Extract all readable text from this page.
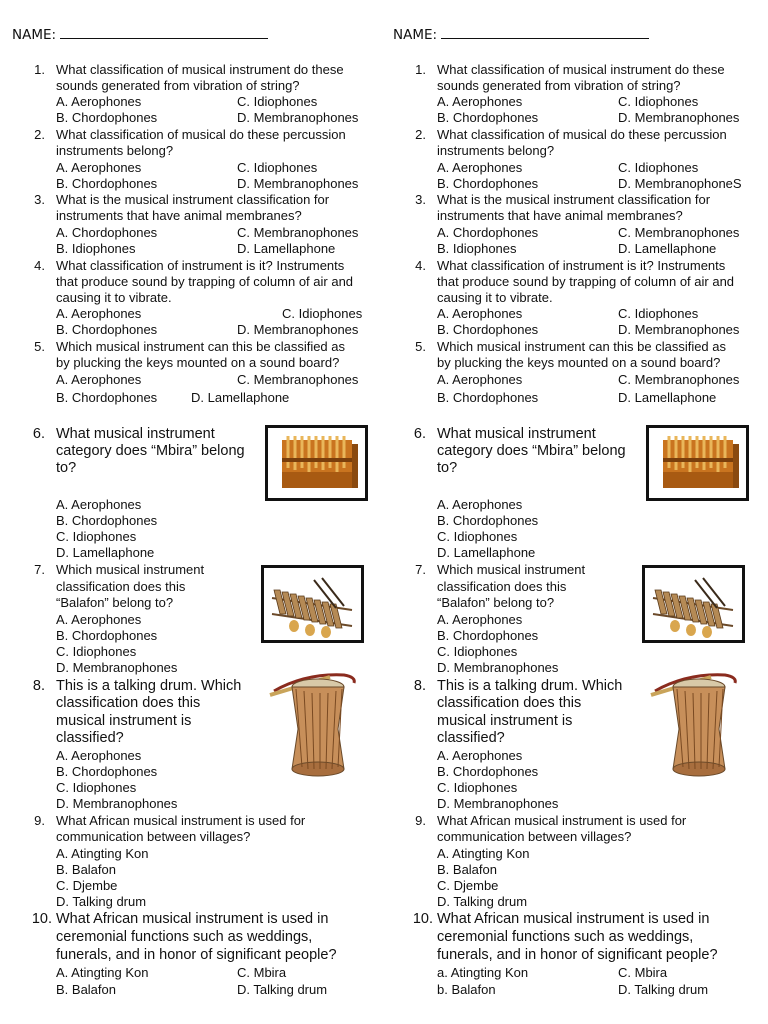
NAME:
1. What classification of musical instrument do these
sounds generated from vibration of string?
A. Aerophones	C. Idiophones
B. Chordophones	D. Membranophones
2. What classification of musical do these percussion
instruments belong?
A. Aerophones	C. Idiophones
B. Chordophones	D. Membranophones
3. What is the musical instrument classification for
instruments that have animal membranes?
A. Chordophones	C. Membranophones
B. Idiophones	D. Lamellaphone
4. What classification of instrument is it? Instruments
that produce sound by trapping of column of air and
causing it to vibrate.
A. Aerophones	C. Idiophones
B. Chordophones	D. Membranophones
5. Which musical instrument can this be classified as
by plucking the keys mounted on a sound board?
A. Aerophones	C. Membranophones
B. Chordophones	D. Lamellaphone
6. What musical instrument
category does “Mbira” belong
to?
A. Aerophones
B. Chordophones
C. Idiophones
D. Lamellaphone
7. Which musical instrument
classification does this
“Balafon” belong to?
A. Aerophones
B. Chordophones
C. Idiophones
D. Membranophones
8. This is a talking drum. Which
classification does this
musical instrument is
classified?
A. Aerophones
B. Chordophones
C. Idiophones
D. Membranophones
9. What African musical instrument is used for
communication between villages?
A. Atingting Kon
B. Balafon
C. Djembe
D. Talking drum
10. What African musical instrument is used in
ceremonial functions such as weddings,
funerals, and in honor of significant people?
A. Atingting Kon	C. Mbira
B. Balafon	D. Talking drum
NAME:
1. What classification of musical instrument do these
sounds generated from vibration of string?
A. Aerophones	C. Idiophones
B. Chordophones	D. Membranophones
2. What classification of musical do these percussion
instruments belong?
A. Aerophones	C. Idiophones
B. Chordophones	D. MembranophoneS
3. What is the musical instrument classification for
instruments that have animal membranes?
A. Chordophones	C. Membranophones
B. Idiophones	D. Lamellaphone
4. What classification of instrument is it? Instruments
that produce sound by trapping of column of air and
causing it to vibrate.
A. Aerophones	C. Idiophones
B. Chordophones	D. Membranophones
5. Which musical instrument can this be classified as
by plucking the keys mounted on a sound board?
A. Aerophones	C. Membranophones
B. Chordophones	D. Lamellaphone
6. What musical instrument
category does “Mbira” belong
to?
A. Aerophones
B. Chordophones
C. Idiophones
D. Lamellaphone
7. Which musical instrument
classification does this
“Balafon” belong to?
A. Aerophones
B. Chordophones
C. Idiophones
D. Membranophones
8. This is a talking drum. Which
classification does this
musical instrument is
classified?
A. Aerophones
B. Chordophones
C. Idiophones
D. Membranophones
9. What African musical instrument is used for
communication between villages?
A. Atingting Kon
B. Balafon
C. Djembe
D. Talking drum
10. What African musical instrument is used in
ceremonial functions such as weddings,
funerals, and in honor of significant people?
a. Atingting Kon	C. Mbira
b. Balafon	D. Talking drum
